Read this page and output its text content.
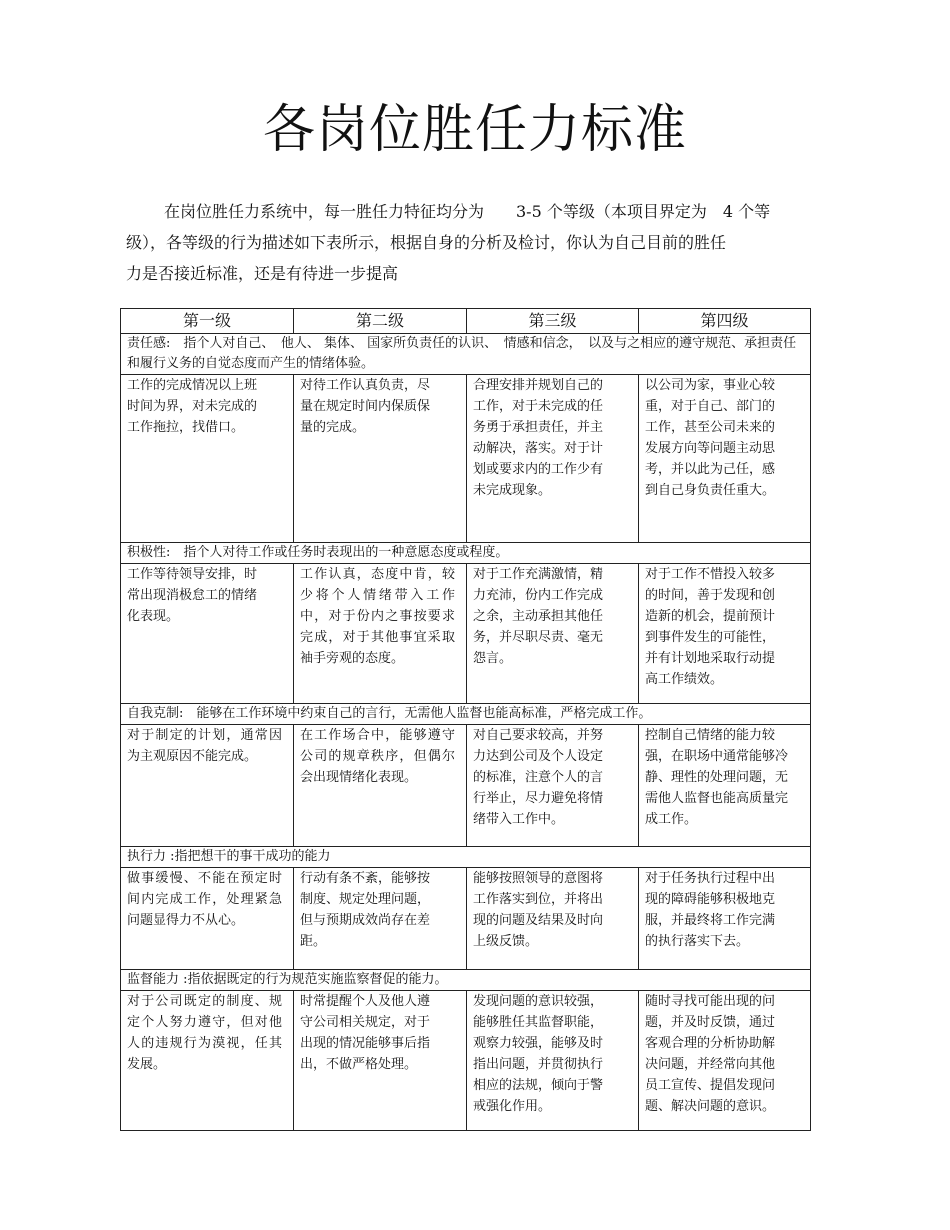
各岗位胜任力标准

在岗位胜任力系统中，每一胜任力特征均分为　　3-5 个等级（本项目界定为　4 个等

级），各等级的行为描述如下表所示，根据自身的分析及检讨，你认为自己目前的胜任

力是否接近标准，还是有待进一步提高

第一级	第二级	第三级	第四级
责任感:　指个人对自己、　他人、 集体、 国家所负责任的认识、　情感和信念，　以及与之相应的遵守规范、承担责任和履行义务的自觉态度而产生的情绪体验。			

工作的完成情况以上班时间为界，对未完成的工作拖拉，找借口。	对待工作认真负责，尽量在规定时间内保质保量的完成。	合理安排并规划自己的工作，对于未完成的任务勇于承担责任，并主动解决，落实。对于计划或要求内的工作少有未完成现象。	以公司为家，事业心较重，对于自己、部门的工作，甚至公司未来的发展方向等问题主动思考，并以此为己任，感到自己身负责任重大。

积极性:　指个人对待工作或任务时表现出的一种意愿态度或程度。			

工作等待领导安排，时常出现消极怠工的情绪化表现。	工作认真，态度中肯，较少将个人情绪带入工作中，对于份内之事按要求完成，对于其他事宜采取袖手旁观的态度。	对于工作充满激情，精力充沛，份内工作完成之余，主动承担其他任务，并尽职尽责、毫无怨言。	对于工作不惜投入较多的时间，善于发现和创造新的机会，提前预计到事件发生的可能性，并有计划地采取行动提高工作绩效。

自我克制:　能够在工作环境中约束自己的言行，无需他人监督也能高标准，严格完成工作。			

对于制定的计划，通常因为主观原因不能完成。	在工作场合中，能够遵守公司的规章秩序，但偶尔会出现情绪化表现。	对自己要求较高，并努力达到公司及个人设定的标准，注意个人的言行举止，尽力避免将情绪带入工作中。	控制自己情绪的能力较强，在职场中通常能够冷静、理性的处理问题，无需他人监督也能高质量完成工作。

执行力 :指把想干的事干成功的能力			

做事缓慢、不能在预定时间内完成工作，处理紧急问题显得力不从心。	行动有条不紊，能够按制度、规定处理问题，但与预期成效尚存在差距。	能够按照领导的意图将工作落实到位，并将出现的问题及结果及时向上级反馈。	对于任务执行过程中出现的障碍能够积极地克服，并最终将工作完满的执行落实下去。

监督能力 :指依据既定的行为规范实施监察督促的能力。			

对于公司既定的制度、规定个人努力遵守，但对他人的违规行为漠视，任其发展。	时常提醒个人及他人遵守公司相关规定，对于出现的情况能够事后指出，不做严格处理。	发现问题的意识较强，能够胜任其监督职能，观察力较强，能够及时指出问题，并贯彻执行相应的法规，倾向于警戒强化作用。	随时寻找可能出现的问题，并及时反馈，通过客观合理的分析协助解决问题，并经常向其他员工宣传、提倡发现问题、解决问题的意识。
